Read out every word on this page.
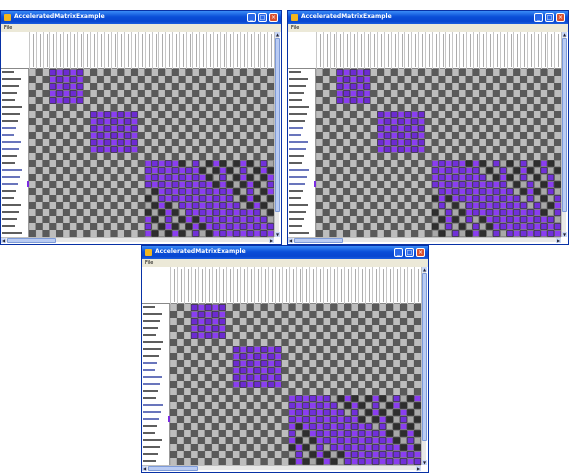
AcceleratedMatrixExample	_	□ ×
File
▲
▼
◀	▶
AcceleratedMatrixExample	_	□ ×
File
▲
▼
◀	▶
AcceleratedMatrixExample	_	□ ×
File
▲
▼
◀	▶
